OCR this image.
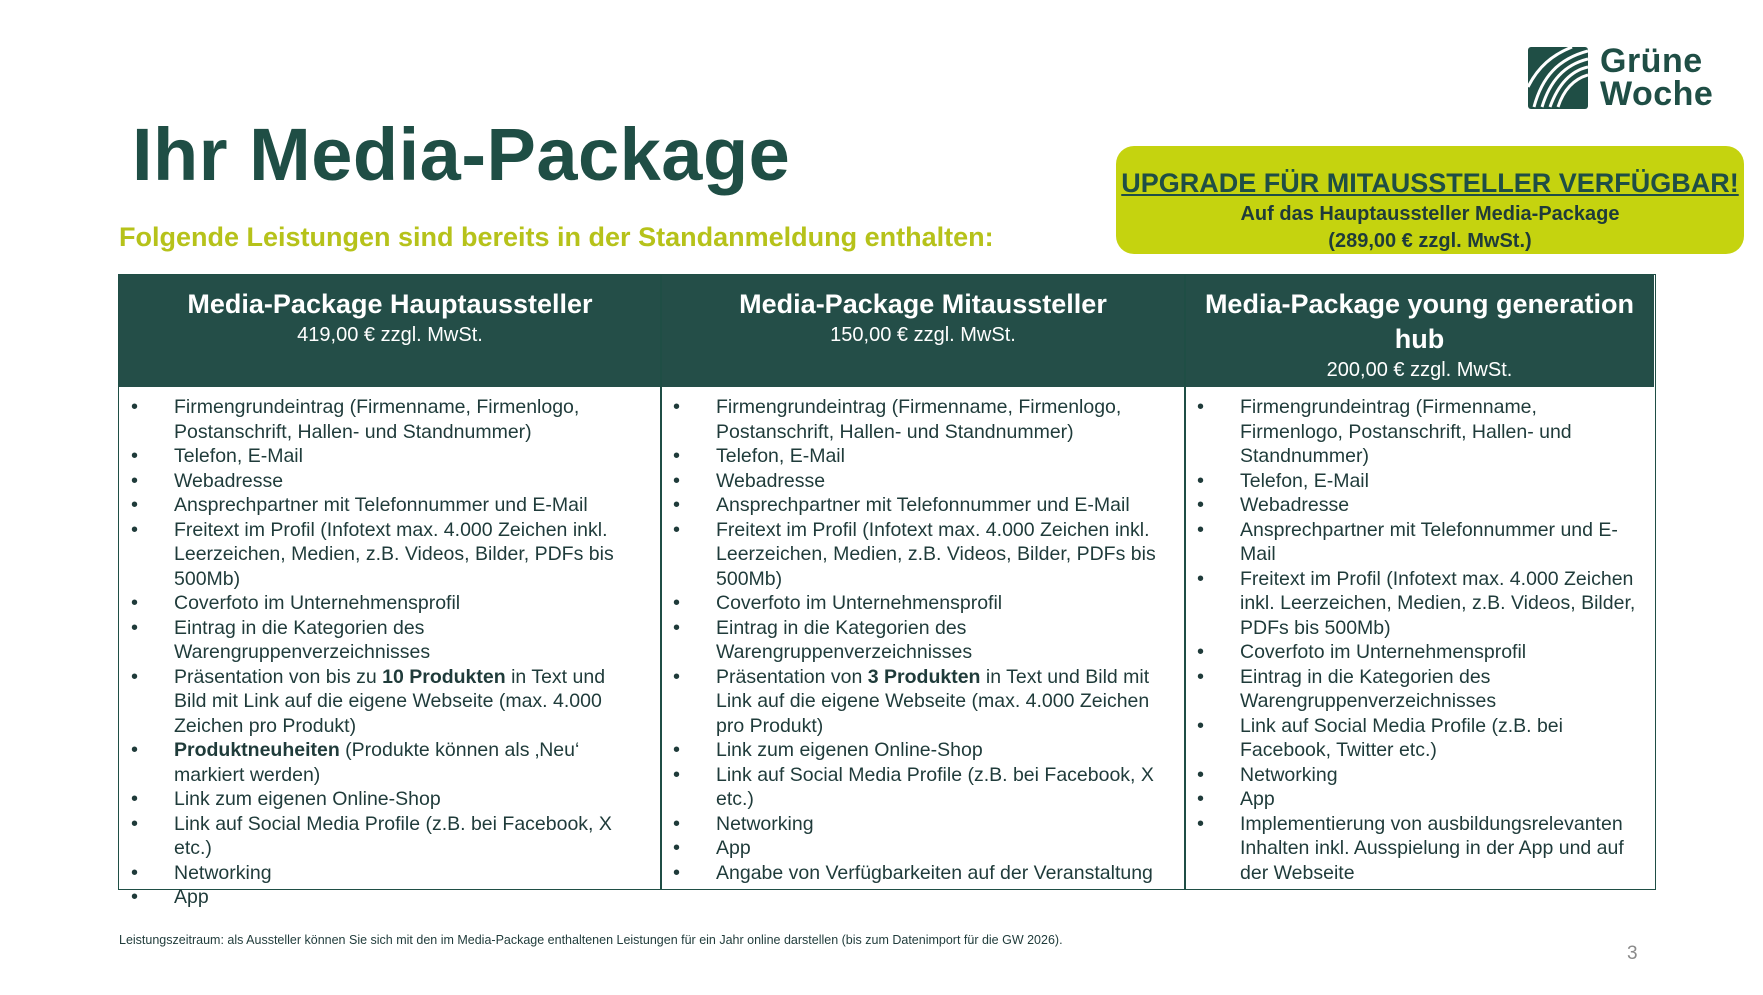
Grüne
Woche
Ihr Media-Package
Folgende Leistungen sind bereits in der Standanmeldung enthalten:
UPGRADE FÜR MITAUSSTELLER VERFÜGBAR!
Auf das Hauptaussteller Media-Package
(289,00 € zzgl. MwSt.)
Media-Package Hauptaussteller
419,00 € zzgl. MwSt.
Media-Package Mitaussteller
150,00 € zzgl. MwSt.
Media-Package young generation hub
200,00 € zzgl. MwSt.
• Firmengrundeintrag (Firmenname, Firmenlogo, Postanschrift, Hallen- und Standnummer)
• Telefon, E-Mail
• Webadresse
• Ansprechpartner mit Telefonnummer und E-Mail
• Freitext im Profil (Infotext max. 4.000 Zeichen inkl. Leerzeichen, Medien, z.B. Videos, Bilder, PDFs bis 500Mb)
• Coverfoto im Unternehmensprofil
• Eintrag in die Kategorien des Warengruppenverzeichnisses
• Präsentation von bis zu 10 Produkten in Text und Bild mit Link auf die eigene Webseite (max. 4.000 Zeichen pro Produkt)
• Produktneuheiten (Produkte können als ‚Neu‘ markiert werden)
• Link zum eigenen Online-Shop
• Link auf Social Media Profile (z.B. bei Facebook, X etc.)
• Networking
• App
• Firmengrundeintrag (Firmenname, Firmenlogo, Postanschrift, Hallen- und Standnummer)
• Telefon, E-Mail
• Webadresse
• Ansprechpartner mit Telefonnummer und E-Mail
• Freitext im Profil (Infotext max. 4.000 Zeichen inkl. Leerzeichen, Medien, z.B. Videos, Bilder, PDFs bis 500Mb)
• Coverfoto im Unternehmensprofil
• Eintrag in die Kategorien des Warengruppenverzeichnisses
• Präsentation von 3 Produkten in Text und Bild mit Link auf die eigene Webseite (max. 4.000 Zeichen pro Produkt)
• Link zum eigenen Online-Shop
• Link auf Social Media Profile (z.B. bei Facebook, X etc.)
• Networking
• App
• Angabe von Verfügbarkeiten auf der Veranstaltung
• Firmengrundeintrag (Firmenname, Firmenlogo, Postanschrift, Hallen- und Standnummer)
• Telefon, E-Mail
• Webadresse
• Ansprechpartner mit Telefonnummer und E-Mail
• Freitext im Profil (Infotext max. 4.000 Zeichen inkl. Leerzeichen, Medien, z.B. Videos, Bilder, PDFs bis 500Mb)
• Coverfoto im Unternehmensprofil
• Eintrag in die Kategorien des Warengruppenverzeichnisses
• Link auf Social Media Profile (z.B. bei Facebook, Twitter etc.)
• Networking
• App
• Implementierung von ausbildungsrelevanten Inhalten inkl. Ausspielung in der App und auf der Webseite
Leistungszeitraum: als Aussteller können Sie sich mit den im Media-Package enthaltenen Leistungen für ein Jahr online darstellen (bis zum Datenimport für die GW 2026).
3
